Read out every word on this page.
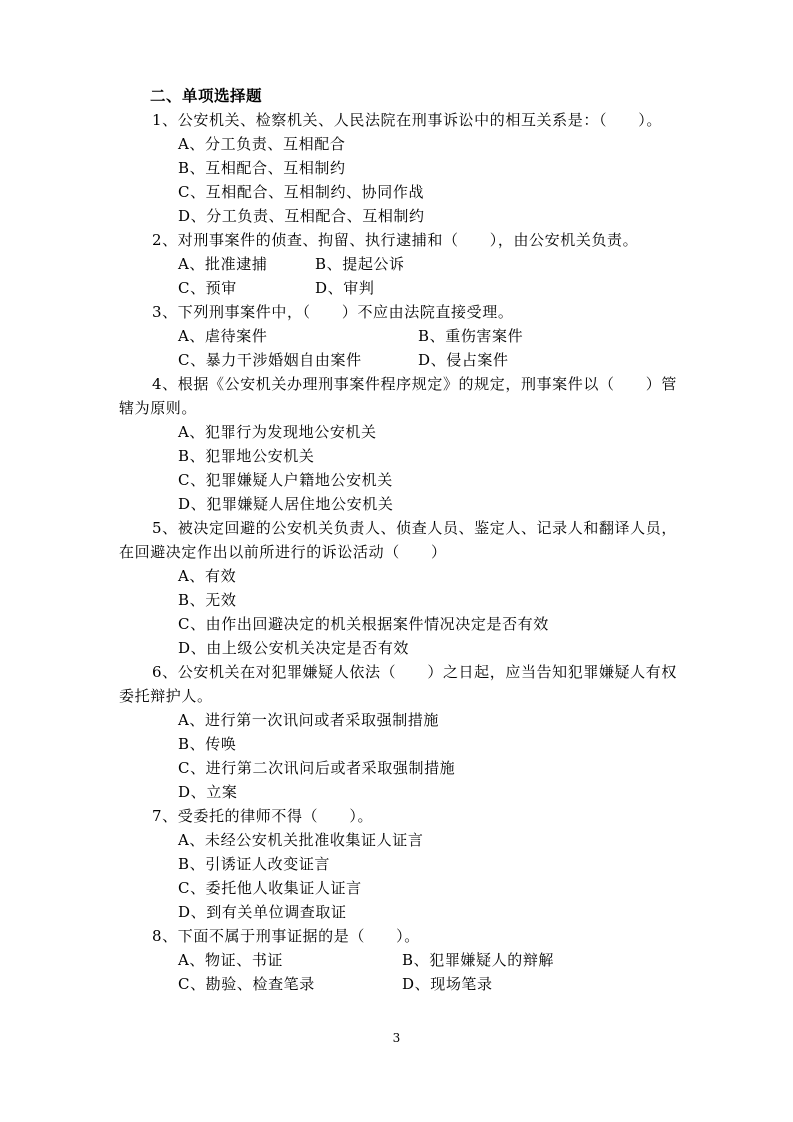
二、单项选择题
1、公安机关、检察机关、人民法院在刑事诉讼中的相互关系是：（　　）。
A、分工负责、互相配合
B、互相配合、互相制约
C、互相配合、互相制约、协同作战
D、分工负责、互相配合、互相制约
2、对刑事案件的侦查、拘留、执行逮捕和（　　），由公安机关负责。
A、批准逮捕	B、提起公诉
C、预审	D、审判
3、下列刑事案件中，（　　）不应由法院直接受理。
A、虐待案件	B、重伤害案件
C、暴力干涉婚姻自由案件	D、侵占案件
4、根据《公安机关办理刑事案件程序规定》的规定，刑事案件以（　　）管
辖为原则。
A、犯罪行为发现地公安机关
B、犯罪地公安机关
C、犯罪嫌疑人户籍地公安机关
D、犯罪嫌疑人居住地公安机关
5、被决定回避的公安机关负责人、侦查人员、鉴定人、记录人和翻译人员，
在回避决定作出以前所进行的诉讼活动（　　）
A、有效
B、无效
C、由作出回避决定的机关根据案件情况决定是否有效
D、由上级公安机关决定是否有效
6、公安机关在对犯罪嫌疑人依法（　　）之日起，应当告知犯罪嫌疑人有权
委托辩护人。
A、进行第一次讯问或者采取强制措施
B、传唤
C、进行第二次讯问后或者采取强制措施
D、立案
7、受委托的律师不得（　　）。
A、未经公安机关批准收集证人证言
B、引诱证人改变证言
C、委托他人收集证人证言
D、到有关单位调查取证
8、下面不属于刑事证据的是（　　）。
A、物证、书证	B、犯罪嫌疑人的辩解
C、勘验、检查笔录	D、现场笔录
3
